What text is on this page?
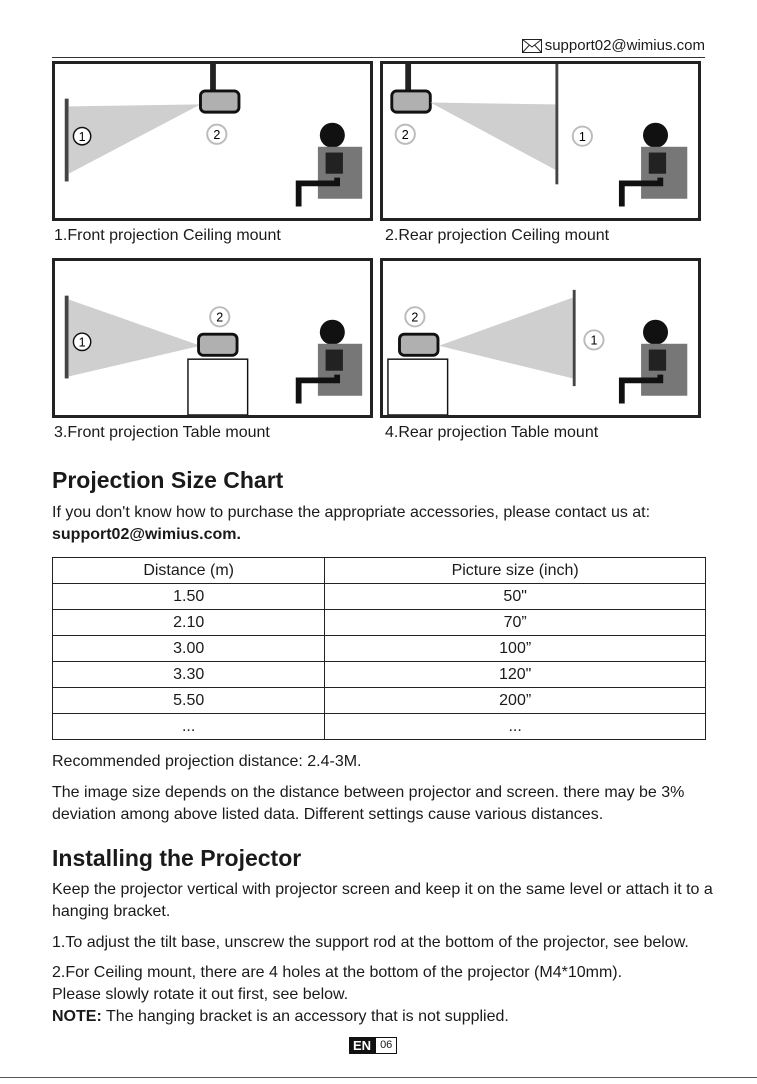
support02@wimius.com
1	2	2	1
1.Front projection Ceiling mount	2.Rear projection Ceiling mount
1
2	2
1
3.Front projection Table mount	4.Rear projection Table mount
Projection Size Chart

If you don't know how to purchase the appropriate accessories, please contact us at:
support02@wimius.com.

Distance (m)	Picture size (inch)
1.50	50"
2.10	70”
3.00	100”
3.30	120"
5.50	200”
...	...

Recommended projection distance: 2.4-3M.

The image size depends on the distance between projector and screen. there may be 3% deviation among above listed data. Different settings cause various distances.

Installing the Projector

Keep the projector vertical with projector screen and keep it on the same level or attach it to a hanging bracket.

1.To adjust the tilt base, unscrew the support rod at the bottom of the projector, see below.

2.For Ceiling mount, there are 4 holes at the bottom of the projector (M4*10mm).
Please slowly rotate it out first, see below.
NOTE: The hanging bracket is an accessory that is not supplied.

EN 06
